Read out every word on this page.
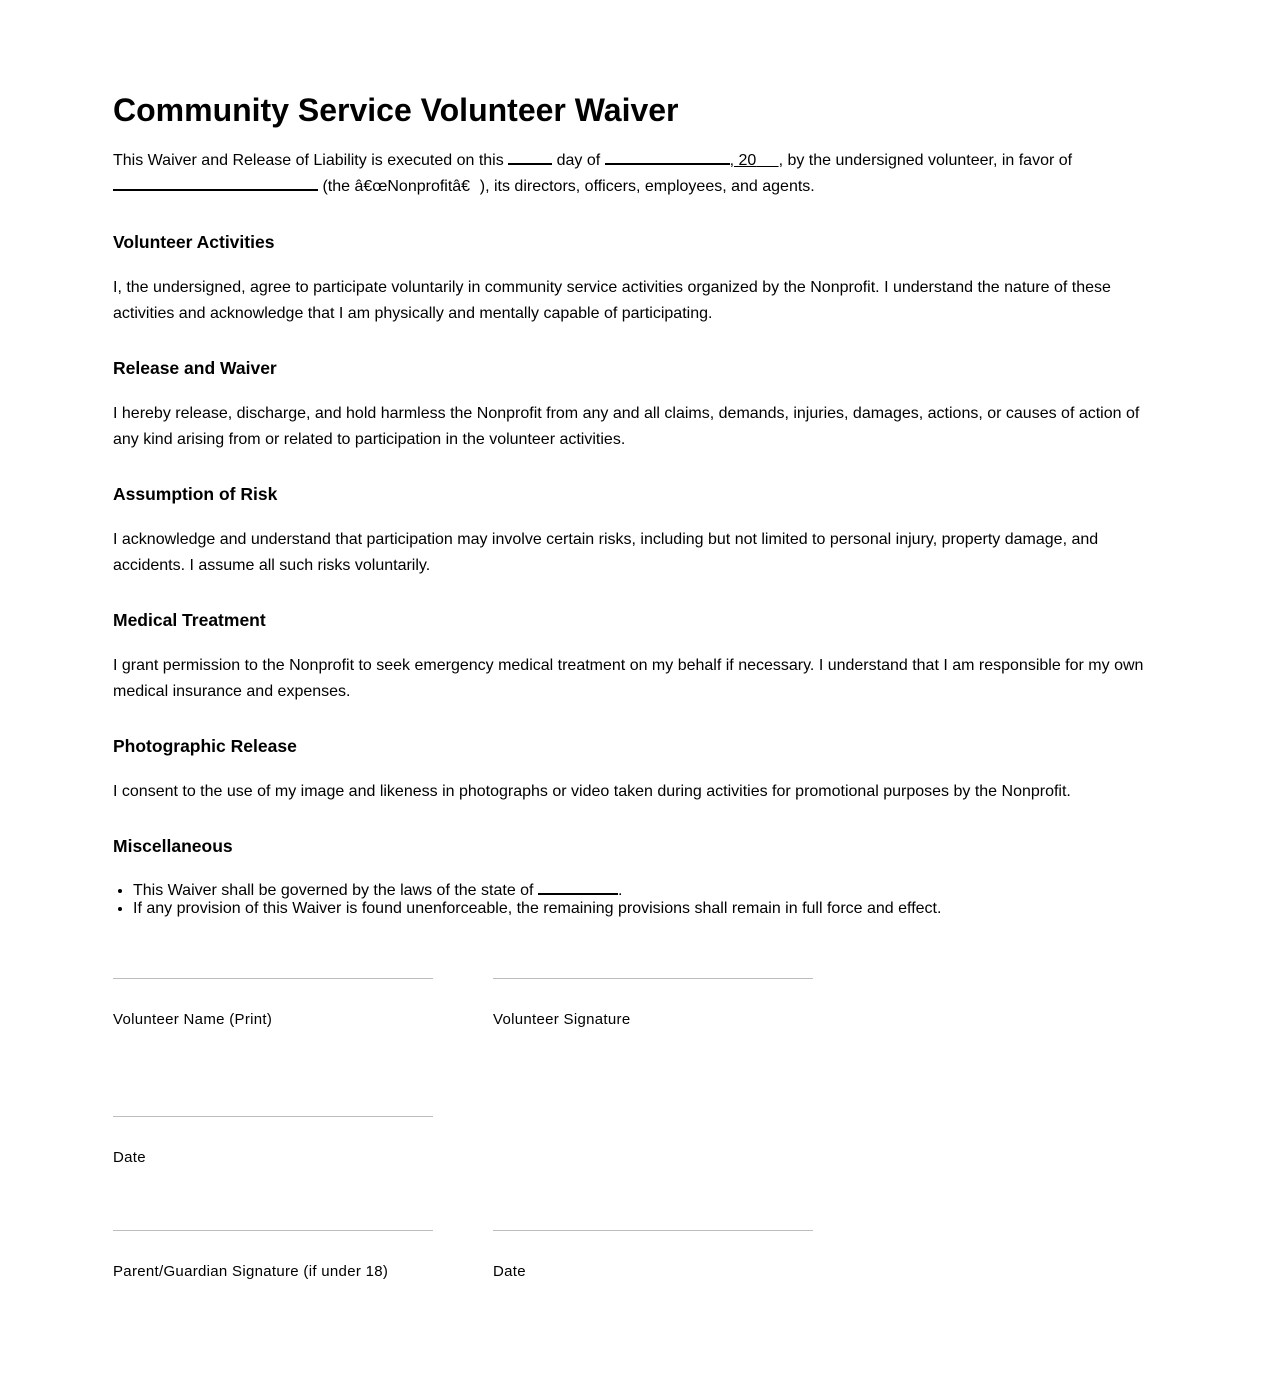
Community Service Volunteer Waiver

This Waiver and Release of Liability is executed on this	day of	, 20 , by the undersigned volunteer, in favor of
(the â€œNonprofitâ€), its directors, officers, employees, and agents.

Volunteer Activities

I, the undersigned, agree to participate voluntarily in community service activities organized by the Nonprofit. I understand the nature of these activities and acknowledge that I am physically and mentally capable of participating.

Release and Waiver

I hereby release, discharge, and hold harmless the Nonprofit from any and all claims, demands, injuries, damages, actions, or causes of action of any kind arising from or related to participation in the volunteer activities.

Assumption of Risk

I acknowledge and understand that participation may involve certain risks, including but not limited to personal injury, property damage, and accidents. I assume all such risks voluntarily.

Medical Treatment

I grant permission to the Nonprofit to seek emergency medical treatment on my behalf if necessary. I understand that I am responsible for my own medical insurance and expenses.

Photographic Release

I consent to the use of my image and likeness in photographs or video taken during activities for promotional purposes by the Nonprofit.

Miscellaneous
• This Waiver shall be governed by the laws of the state of	.
• If any provision of this Waiver is found unenforceable, the remaining provisions shall remain in full force and effect.
Volunteer Name (Print)	Volunteer Signature
Date
Parent/Guardian Signature (if under 18)	Date
